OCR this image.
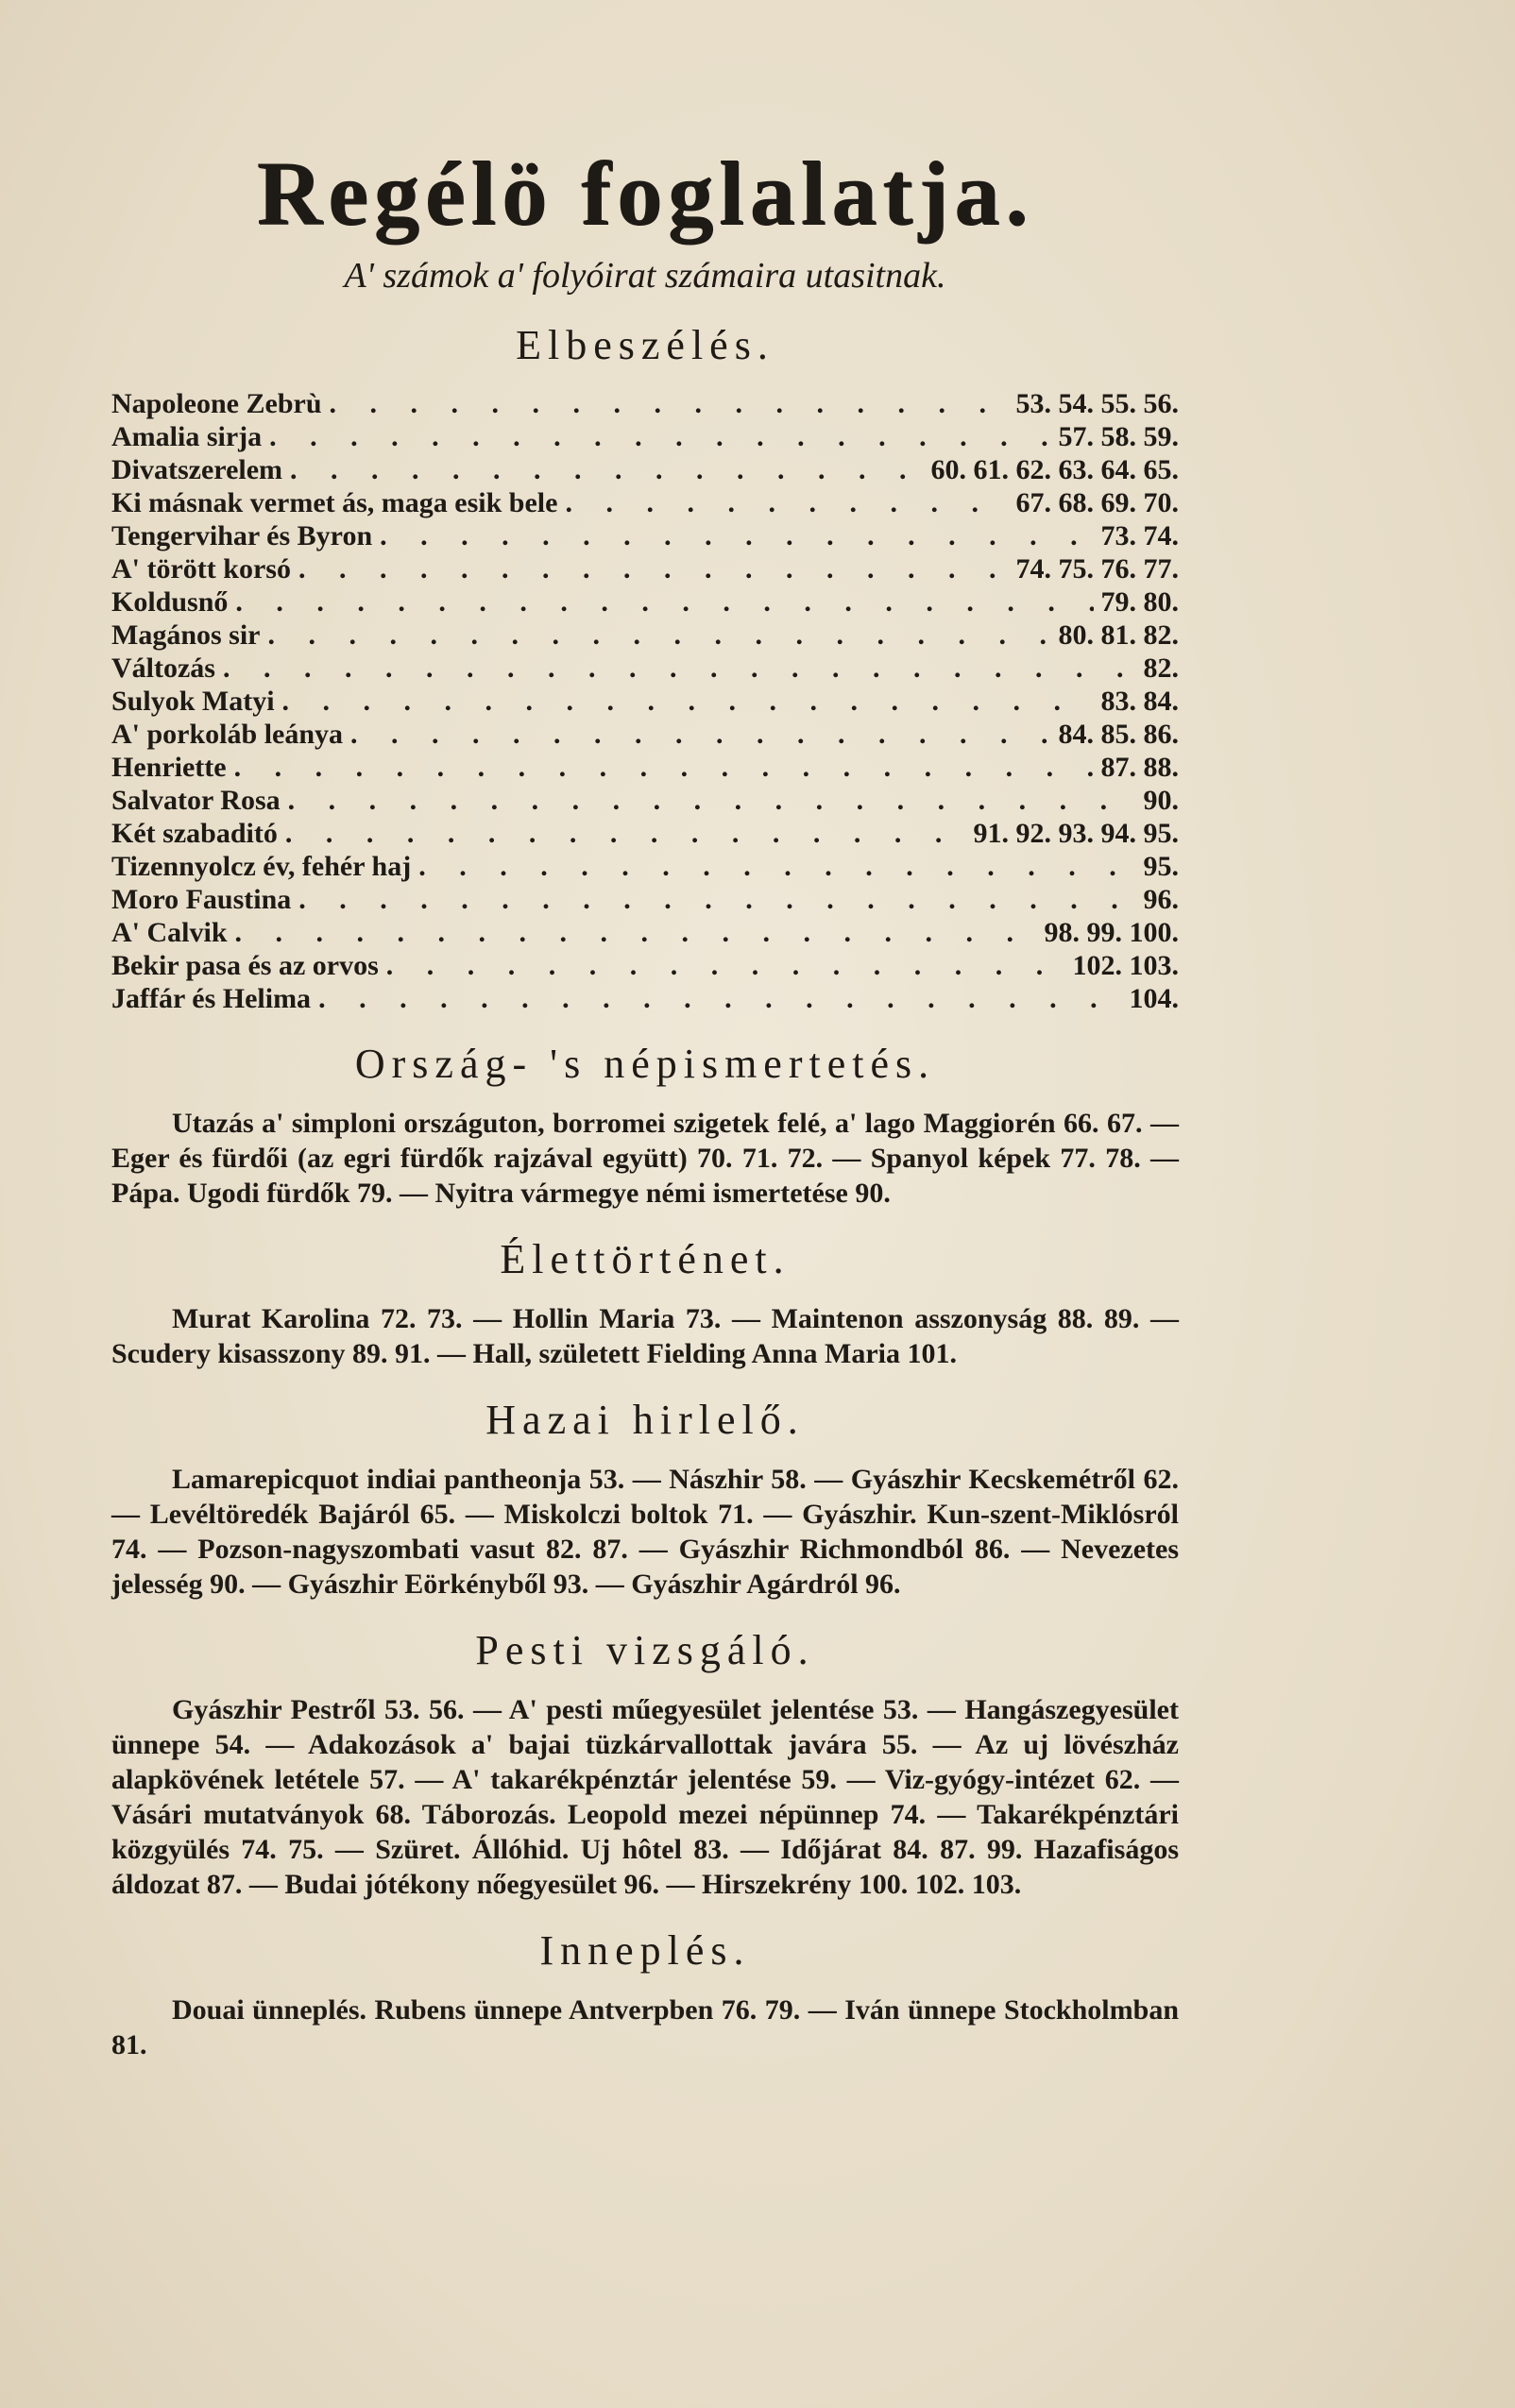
Regélö foglalatja.
A' számok a' folyóirat számaira utasitnak.
Elbeszélés.
Napoleone Zebrù . . .	53. 54. 55. 56.
Amalia sirja . . .	57. 58. 59.
Divatszerelem . . .	60. 61. 62. 63. 64. 65.
Ki másnak vermet ás, maga esik bele . . .	67. 68. 69. 70.
Tengervihar és Byron . . .	73. 74.
A' törött korsó . . .	74. 75. 76. 77.
Koldusnő . . .	79. 80.
Magános sir . . .	80. 81. 82.
Változás . . .	82.
Sulyok Matyi . . .	83. 84.
A' porkoláb leánya . . .	84. 85. 86.
Henriette . . .	87. 88.
Salvator Rosa . . .	90.
Két szabaditó . . .	91. 92. 93. 94. 95.
Tizennyolcz év, fehér haj . . .	95.
Moro Faustina . . .	96.
A' Calvik . . .	98. 99. 100.
Bekir pasa és az orvos . . .	102. 103.
Jaffár és Helima . . .	104.
Ország- 's népismertetés.

Utazás a' simploni országuton, borromei szigetek felé, a' lago Maggiorén 66. 67. — Eger és fürdői (az egri fürdők rajzával együtt) 70. 71. 72. — Spanyol képek 77. 78. — Pápa. Ugodi fürdők 79. — Nyitra vármegye némi ismertetése 90.

Élettörténet.

Murat Karolina 72. 73. — Hollin Maria 73. — Maintenon asszonyság 88. 89. — Scudery kisasszony 89. 91. — Hall, született Fielding Anna Maria 101.

Hazai hirlelő.

Lamarepicquot indiai pantheonja 53. — Nászhir 58. — Gyászhir Kecskemétről 62. — Levéltöredék Bajáról 65. — Miskolczi boltok 71. — Gyászhir. Kun-szent-Miklósról 74. — Pozson-nagyszombati vasut 82. 87. — Gyászhir Richmondból 86. — Nevezetes jelesség 90. — Gyászhir Eörkényből 93. — Gyászhir Agárdról 96.

Pesti vizsgáló.

Gyászhir Pestről 53. 56. — A' pesti műegyesület jelentése 53. — Hangászegyesület ünnepe 54. — Adakozások a' bajai tüzkárvallottak javára 55. — Az uj lövészház alapkövének letétele 57. — A' takarékpénztár jelentése 59. — Viz-gyógy-intézet 62. — Vásári mutatványok 68. Táborozás. Leopold mezei népünnep 74. — Takarékpénztári közgyülés 74. 75. — Szüret. Állóhid. Uj hôtel 83. — Időjárat 84. 87. 99. Hazafiságos áldozat 87. — Budai jótékony nőegyesület 96. — Hirszekrény 100. 102. 103.

Inneplés.

Douai ünneplés. Rubens ünnepe Antverpben 76. 79. — Iván ünnepe Stockholmban 81.
